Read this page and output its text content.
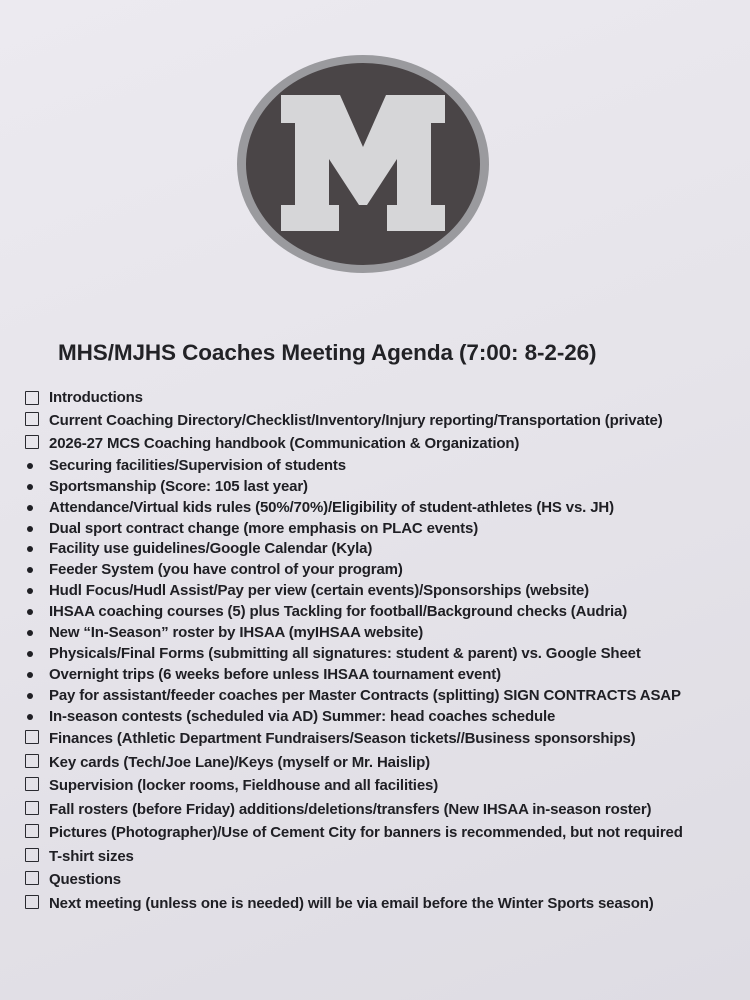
MHS/MJHS Coaches Meeting Agenda (7:00: 8-2-26)
Introductions
Current Coaching Directory/Checklist/Inventory/Injury reporting/Transportation (private)
2026-27 MCS Coaching handbook (Communication & Organization)
Securing facilities/Supervision of students
Sportsmanship (Score: 105 last year)
Attendance/Virtual kids rules (50%/70%)/Eligibility of student-athletes (HS vs. JH)
Dual sport contract change (more emphasis on PLAC events)
Facility use guidelines/Google Calendar (Kyla)
Feeder System (you have control of your program)
Hudl Focus/Hudl Assist/Pay per view (certain events)/Sponsorships (website)
IHSAA coaching courses (5) plus Tackling for football/Background checks (Audria)
New “In-Season” roster by IHSAA (myIHSAA website)
Physicals/Final Forms (submitting all signatures: student & parent) vs. Google Sheet
Overnight trips (6 weeks before unless IHSAA tournament event)
Pay for assistant/feeder coaches per Master Contracts (splitting) SIGN CONTRACTS ASAP
In-season contests (scheduled via AD) Summer: head coaches schedule
Finances (Athletic Department Fundraisers/Season tickets//Business sponsorships)
Key cards (Tech/Joe Lane)/Keys (myself or Mr. Haislip)
Supervision (locker rooms, Fieldhouse and all facilities)
Fall rosters (before Friday) additions/deletions/transfers (New IHSAA in-season roster)
Pictures (Photographer)/Use of Cement City for banners is recommended, but not required
T-shirt sizes
Questions
Next meeting (unless one is needed) will be via email before the Winter Sports season)
